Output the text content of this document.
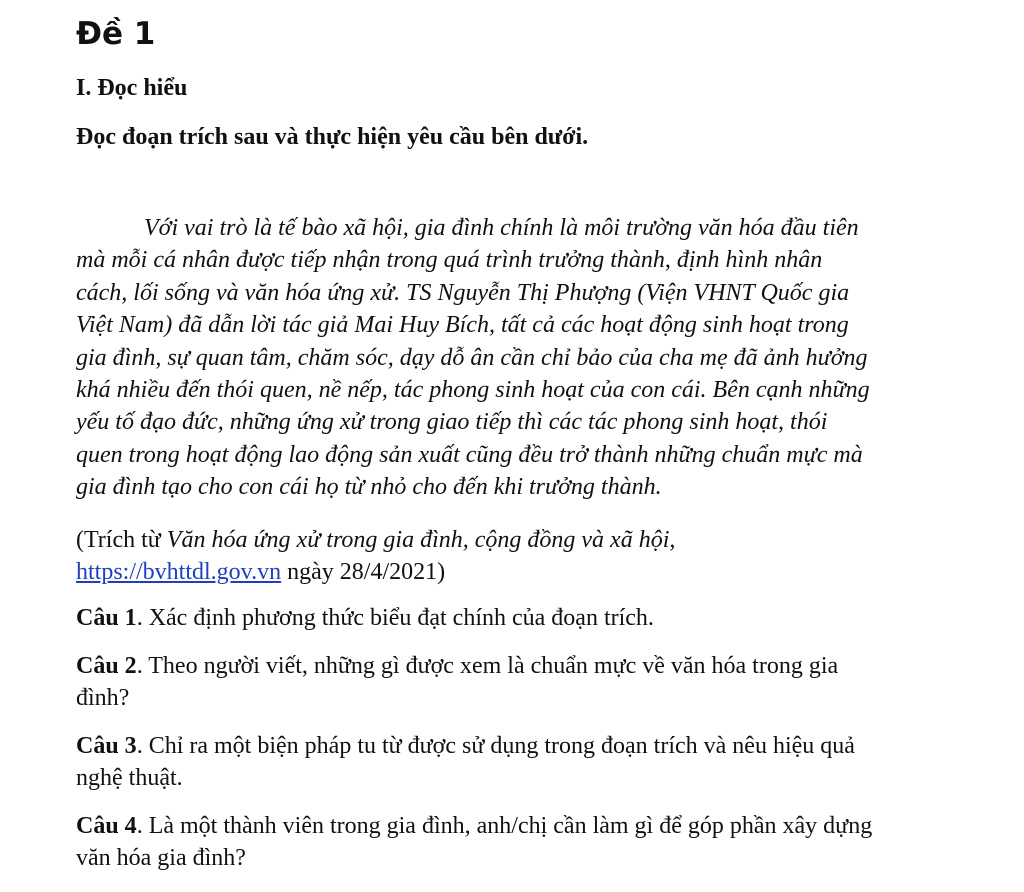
Đề 1
I. Đọc hiểu
Đọc đoạn trích sau và thực hiện yêu cầu bên dưới.
Với vai trò là tế bào xã hội, gia đình chính là môi trường văn hóa đầu tiên
mà mỗi cá nhân được tiếp nhận trong quá trình trưởng thành, định hình nhân
cách, lối sống và văn hóa ứng xử. TS Nguyễn Thị Phượng (Viện VHNT Quốc gia
Việt Nam) đã dẫn lời tác giả Mai Huy Bích, tất cả các hoạt động sinh hoạt trong
gia đình, sự quan tâm, chăm sóc, dạy dỗ ân cần chỉ bảo của cha mẹ đã ảnh hưởng
khá nhiều đến thói quen, nề nếp, tác phong sinh hoạt của con cái. Bên cạnh những
yếu tố đạo đức, những ứng xử trong giao tiếp thì các tác phong sinh hoạt, thói
quen trong hoạt động lao động sản xuất cũng đều trở thành những chuẩn mực mà
gia đình tạo cho con cái họ từ nhỏ cho đến khi trưởng thành.
(Trích từ Văn hóa ứng xử trong gia đình, cộng đồng và xã hội,
https://bvhttdl.gov.vn ngày 28/4/2021)
Câu 1. Xác định phương thức biểu đạt chính của đoạn trích.
Câu 2. Theo người viết, những gì được xem là chuẩn mực về văn hóa trong gia
đình?
Câu 3. Chỉ ra một biện pháp tu từ được sử dụng trong đoạn trích và nêu hiệu quả
nghệ thuật.
Câu 4. Là một thành viên trong gia đình, anh/chị cần làm gì để góp phần xây dựng
văn hóa gia đình?
